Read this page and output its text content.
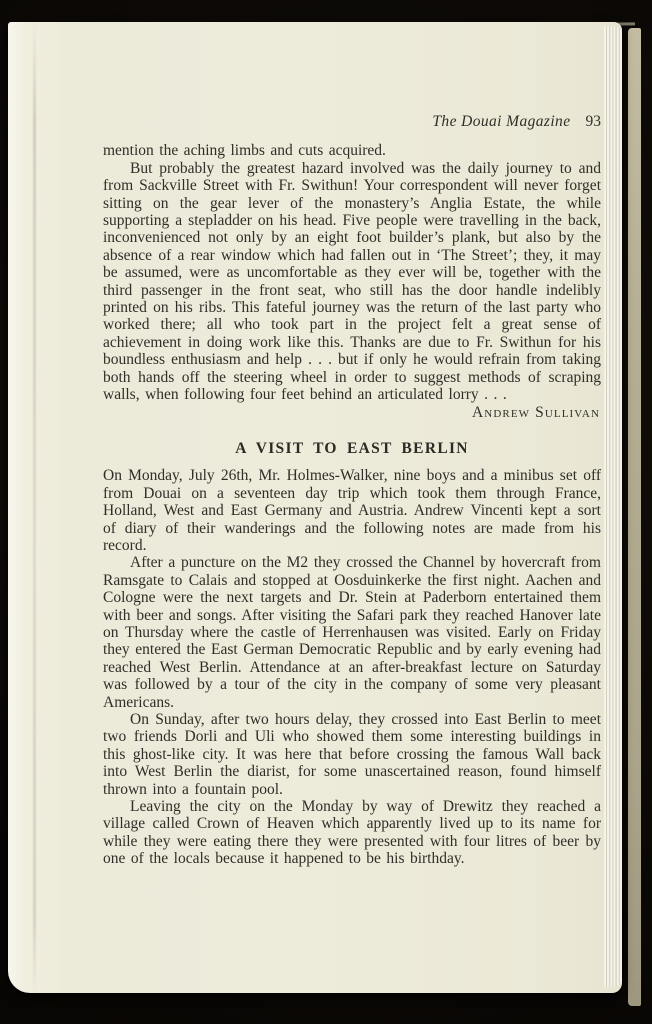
The Douai Magazine 93

mention the aching limbs and cuts acquired.

But probably the greatest hazard involved was the daily journey to and from Sackville Street with Fr. Swithun! Your correspondent will never forget sitting on the gear lever of the monastery’s Anglia Estate, the while supporting a stepladder on his head. Five people were travelling in the back, inconvenienced not only by an eight foot builder’s plank, but also by the absence of a rear window which had fallen out in ‘The Street’; they, it may be assumed, were as uncomfortable as they ever will be, together with the third passenger in the front seat, who still has the door handle indelibly printed on his ribs. This fateful journey was the return of the last party who worked there; all who took part in the project felt a great sense of achievement in doing work like this. Thanks are due to Fr. Swithun for his boundless enthusiasm and help . . . but if only he would refrain from taking both hands off the steering wheel in order to suggest methods of scraping walls, when following four feet behind an articulated lorry . . .

Andrew Sullivan
A VISIT TO EAST BERLIN

On Monday, July 26th, Mr. Holmes-Walker, nine boys and a minibus set off from Douai on a seventeen day trip which took them through France, Holland, West and East Germany and Austria. Andrew Vincenti kept a sort of diary of their wanderings and the following notes are made from his record.

After a puncture on the M2 they crossed the Channel by hovercraft from Ramsgate to Calais and stopped at Oosduinkerke the first night. Aachen and Cologne were the next targets and Dr. Stein at Paderborn entertained them with beer and songs. After visiting the Safari park they reached Hanover late on Thursday where the castle of Herrenhausen was visited. Early on Friday they entered the East German Democratic Republic and by early evening had reached West Berlin. Attendance at an after-breakfast lecture on Saturday was followed by a tour of the city in the company of some very pleasant Americans.

On Sunday, after two hours delay, they crossed into East Berlin to meet two friends Dorli and Uli who showed them some interesting buildings in this ghost-like city. It was here that before crossing the famous Wall back into West Berlin the diarist, for some unascertained reason, found himself thrown into a fountain pool.

Leaving the city on the Monday by way of Drewitz they reached a village called Crown of Heaven which apparently lived up to its name for while they were eating there they were presented with four litres of beer by one of the locals because it happened to be his birthday.
